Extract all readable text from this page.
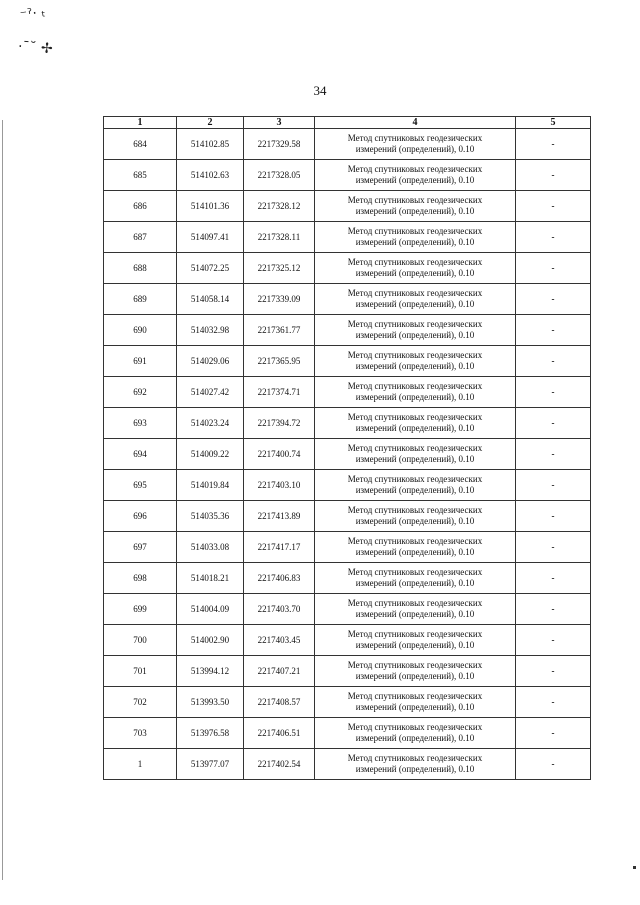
⁻ˀ· ₜ
·ˉ˘ ✢
34
1	2	3	4	5
684	514102.85	2217329.58	Метод спутниковых геодезических
измерений (определений), 0.10	-
685	514102.63	2217328.05	Метод спутниковых геодезических
измерений (определений), 0.10	-
686	514101.36	2217328.12	Метод спутниковых геодезических
измерений (определений), 0.10	-
687	514097.41	2217328.11	Метод спутниковых геодезических
измерений (определений), 0.10	-
688	514072.25	2217325.12	Метод спутниковых геодезических
измерений (определений), 0.10	-
689	514058.14	2217339.09	Метод спутниковых геодезических
измерений (определений), 0.10	-
690	514032.98	2217361.77	Метод спутниковых геодезических
измерений (определений), 0.10	-
691	514029.06	2217365.95	Метод спутниковых геодезических
измерений (определений), 0.10	-
692	514027.42	2217374.71	Метод спутниковых геодезических
измерений (определений), 0.10	-
693	514023.24	2217394.72	Метод спутниковых геодезических
измерений (определений), 0.10	-
694	514009.22	2217400.74	Метод спутниковых геодезических
измерений (определений), 0.10	-
695	514019.84	2217403.10	Метод спутниковых геодезических
измерений (определений), 0.10	-
696	514035.36	2217413.89	Метод спутниковых геодезических
измерений (определений), 0.10	-
697	514033.08	2217417.17	Метод спутниковых геодезических
измерений (определений), 0.10	-
698	514018.21	2217406.83	Метод спутниковых геодезических
измерений (определений), 0.10	-
699	514004.09	2217403.70	Метод спутниковых геодезических
измерений (определений), 0.10	-
700	514002.90	2217403.45	Метод спутниковых геодезических
измерений (определений), 0.10	-
701	513994.12	2217407.21	Метод спутниковых геодезических
измерений (определений), 0.10	-
702	513993.50	2217408.57	Метод спутниковых геодезических
измерений (определений), 0.10	-
703	513976.58	2217406.51	Метод спутниковых геодезических
измерений (определений), 0.10	-
1	513977.07	2217402.54	Метод спутниковых геодезических
измерений (определений), 0.10	-
